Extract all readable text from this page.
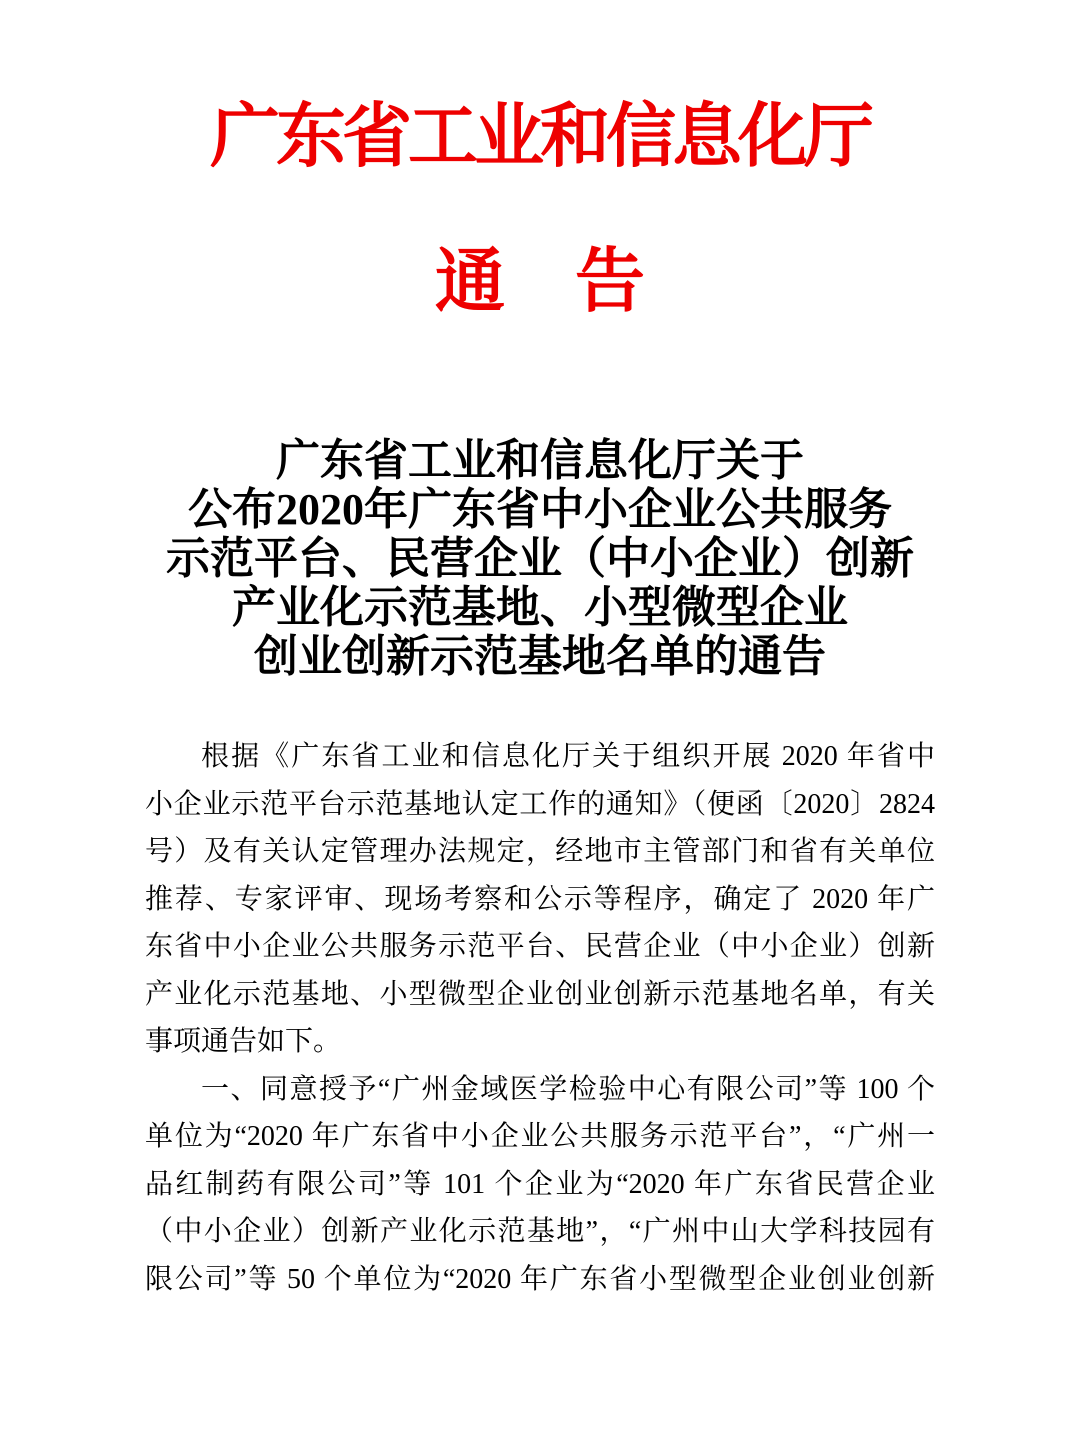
广东省工业和信息化厅
通　告
广东省工业和信息化厅关于
公布2020年广东省中小企业公共服务
示范平台、民营企业（中小企业）创新
产业化示范基地、小型微型企业
创业创新示范基地名单的通告
根据《广东省工业和信息化厅关于组织开展 2020 年省中
小企业示范平台示范基地认定工作的通知》（便函〔2020〕2824
号）及有关认定管理办法规定，经地市主管部门和省有关单位
推荐、专家评审、现场考察和公示等程序，确定了 2020 年广
东省中小企业公共服务示范平台、民营企业（中小企业）创新
产业化示范基地、小型微型企业创业创新示范基地名单，有关
事项通告如下。
一、同意授予“广州金域医学检验中心有限公司”等 100 个
单位为“2020 年广东省中小企业公共服务示范平台”，“广州一
品红制药有限公司”等 101 个企业为“2020 年广东省民营企业
（中小企业）创新产业化示范基地”，“广州中山大学科技园有
限公司”等 50 个单位为“2020 年广东省小型微型企业创业创新
